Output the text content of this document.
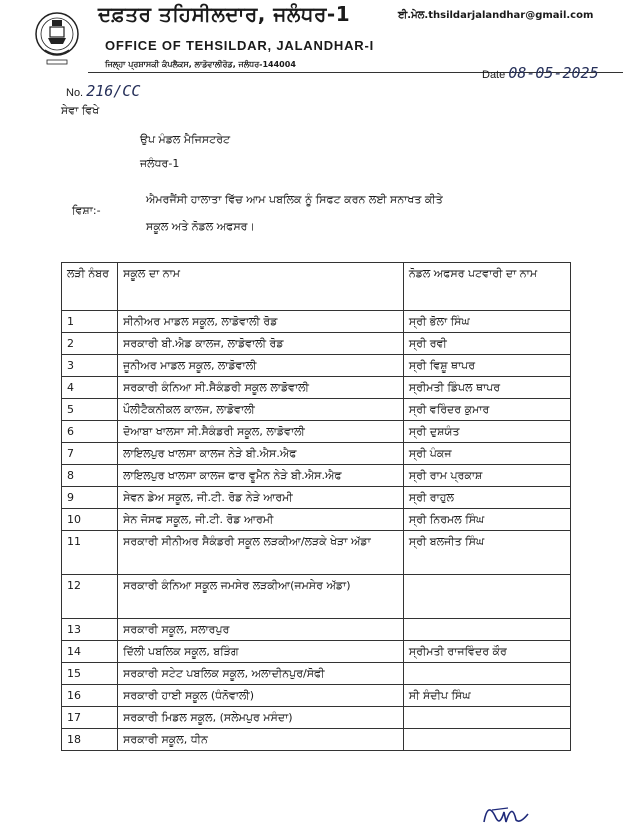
ਦਫ਼ਤਰ ਤਹਿਸੀਲਦਾਰ, ਜਲੰਧਰ-1	ਈ.ਮੇਲ.thsildarjalandhar@gmail.com
OFFICE OF TEHSILDAR, JALANDHAR-I
ਜਿਲ੍ਹਾ ਪ੍ਰਸ਼ਾਸਕੀ ਕੰਪਲੈਕਸ, ਲਾਡੋਵਾਲੀਰੋਡ, ਜਲੰਧਰ-144004
No. 216/CC
Date 08-05-2025
ਸੇਵਾ ਵਿਖੇ
ਉਪ ਮੰਡਲ ਮੈਜਿਸਟਰੇਟ
ਜਲੰਧਰ-1
ਵਿਸ਼ਾ:-
ਐਮਰਜੈਂਸੀ ਹਾਲਾਤਾ ਵਿੱਚ ਆਮ ਪਬਲਿਕ ਨੂੰ ਸਿਫਟ ਕਰਨ ਲਈ ਸਨਾਖਤ ਕੀਤੇ
ਸਕੂਲ ਅਤੇ ਨੋਡਲ ਅਫਸਰ।
ਲੜੀ ਨੰਬਰ	ਸਕੂਲ ਦਾ ਨਾਮ	ਨੋਡਲ ਅਫਸਰ ਪਟਵਾਰੀ ਦਾ ਨਾਮ
1	ਸੀਨੀਅਰ ਮਾਡਲ ਸਕੂਲ, ਲਾਡੋਵਾਲੀ ਰੋਡ	ਸ੍ਰੀ ਭੋਲਾ ਸਿੰਘ
2	ਸਰਕਾਰੀ ਬੀ.ਐਡ ਕਾਲਜ, ਲਾਡੋਵਾਲੀ ਰੋਡ	ਸ੍ਰੀ ਰਵੀ
3	ਜੂਨੀਅਰ ਮਾਡਲ ਸਕੂਲ, ਲਾਡੋਵਾਲੀ	ਸ੍ਰੀ ਵਿਸ਼ੂ ਥਾਪਰ
4	ਸਰਕਾਰੀ ਕੰਨਿਆ ਸੀ.ਸੈਕੰਡਰੀ ਸਕੂਲ ਲਾਡੋਵਾਲੀ	ਸ੍ਰੀਮਤੀ ਡਿੰਪਲ ਥਾਪਰ
5	ਪੌਲੀਟੈਕਨੀਕਲ ਕਾਲਜ, ਲਾਡੋਵਾਲੀ	ਸ੍ਰੀ ਵਰਿੰਦਰ ਕੁਮਾਰ
6	ਦੋਆਬਾ ਖਾਲਸਾ ਸੀ.ਸੈਕੰਡਰੀ ਸਕੂਲ, ਲਾਡੋਵਾਲੀ	ਸ੍ਰੀ ਦੁਸ਼ਯੰਤ
7	ਲਾਇਲਪੁਰ ਖਾਲਸਾ ਕਾਲਜ ਨੇੜੇ ਬੀ.ਐਸ.ਐਫ	ਸ੍ਰੀ ਪੰਕਜ
8	ਲਾਇਲਪੁਰ ਖਾਲਸਾ ਕਾਲਜ ਫਾਰ ਵੂਮੈਨ ਨੇੜੇ ਬੀ.ਐਸ.ਐਫ	ਸ੍ਰੀ ਰਾਮ ਪ੍ਰਕਾਸ਼
9	ਸੇਵਨ ਡੇਅ ਸਕੂਲ, ਜੀ.ਟੀ. ਰੋਡ ਨੇੜੇ ਆਰਮੀ	ਸ੍ਰੀ ਰਾਹੁਲ
10	ਸੇਨ ਜੋਸਫ ਸਕੂਲ, ਜੀ.ਟੀ. ਰੋਡ ਆਰਮੀ	ਸ੍ਰੀ ਨਿਰਮਲ ਸਿੰਘ
11	ਸਰਕਾਰੀ ਸੀਨੀਅਰ ਸੈਕੰਡਰੀ ਸਕੂਲ ਲੜਕੀਆ/ਲੜਕੇ ਖੇੜਾ ਅੱਡਾ	ਸ੍ਰੀ ਬਲਜੀਤ ਸਿੰਘ
12	ਸਰਕਾਰੀ ਕੰਨਿਆ ਸਕੂਲ ਜਮਸੇਰ ਲੜਕੀਆ(ਜਮਸੇਰ ਅੱਡਾ)	
13	ਸਰਕਾਰੀ ਸਕੂਲ, ਸਲਾਰਪੁਰ	
14	ਦਿੱਲੀ ਪਬਲਿਕ ਸਕੂਲ, ਬੜਿੰਗ	ਸ੍ਰੀਮਤੀ ਰਾਜਵਿੰਦਰ ਕੌਰ
15	ਸਰਕਾਰੀ ਸਟੇਟ ਪਬਲਿਕ ਸਕੂਲ, ਅਲਾਦੀਨਪੁਰ/ਸੋਫੀ	
16	ਸਰਕਾਰੀ ਹਾਈ ਸਕੂਲ (ਧੰਨੋਵਾਲੀ)	ਸੀ ਸੰਦੀਪ ਸਿੰਘ
17	ਸਰਕਾਰੀ ਮਿਡਲ ਸਕੂਲ, (ਸਲੇਮਪੁਰ ਮਸੰਦਾ)	
18	ਸਰਕਾਰੀ ਸਕੂਲ, ਧੀਨ	
